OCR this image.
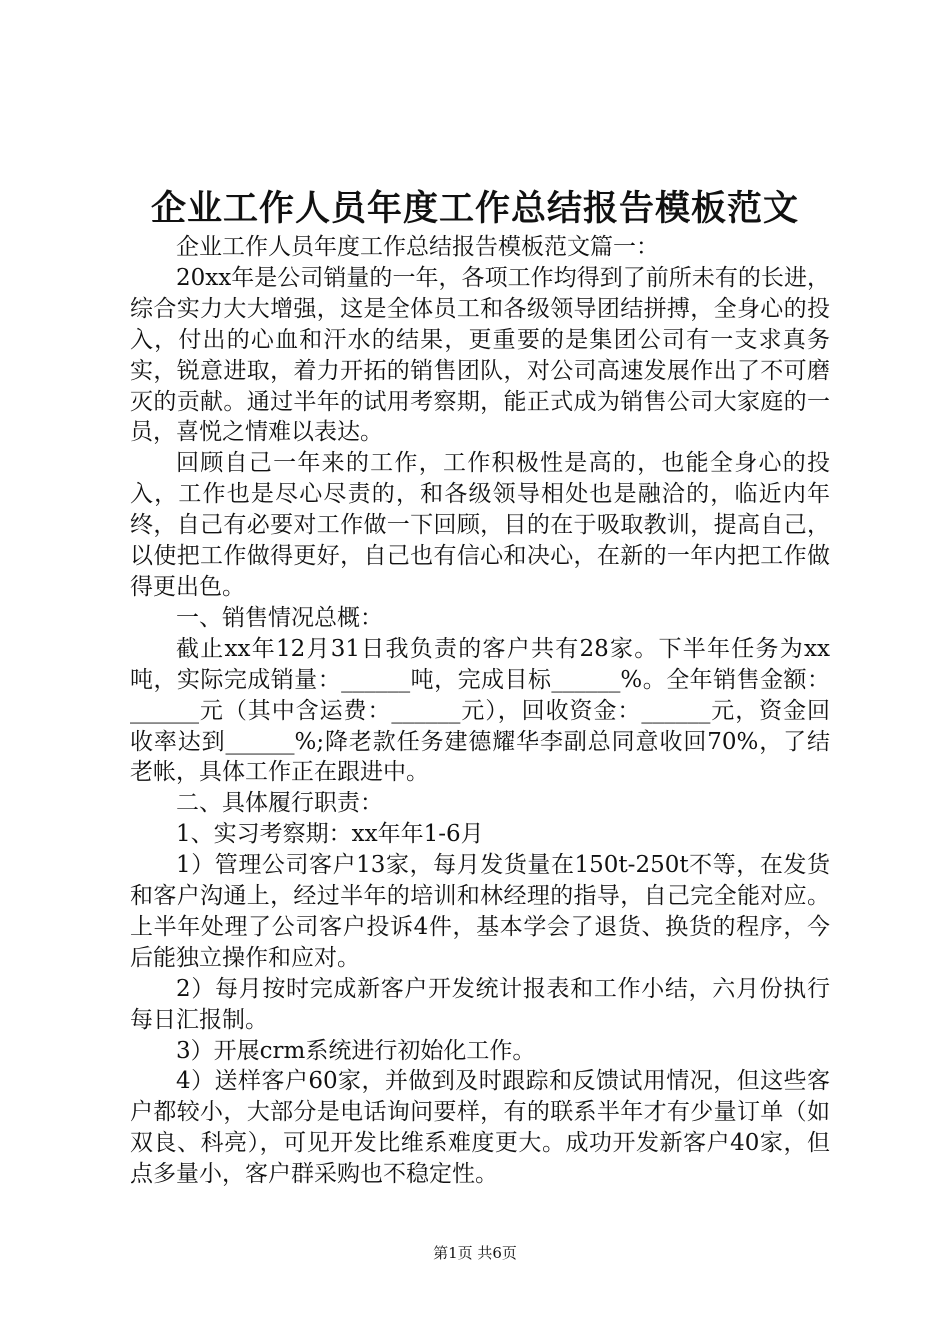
企业工作人员年度工作总结报告模板范文

企业工作人员年度工作总结报告模板范文篇一：

20xx年是公司销量的一年，各项工作均得到了前所未有的长进，综合实力大大增强，这是全体员工和各级领导团结拼搏，全身心的投入，付出的心血和汗水的结果，更重要的是集团公司有一支求真务实，锐意进取，着力开拓的销售团队，对公司高速发展作出了不可磨灭的贡献。通过半年的试用考察期，能正式成为销售公司大家庭的一员，喜悦之情难以表达。

回顾自己一年来的工作，工作积极性是高的，也能全身心的投入，工作也是尽心尽责的，和各级领导相处也是融洽的，临近内年终，自己有必要对工作做一下回顾，目的在于吸取教训，提高自己，以使把工作做得更好，自己也有信心和决心，在新的一年内把工作做得更出色。

一、销售情况总概：

截止xx年12月31日我负责的客户共有28家。下半年任务为xx吨，实际完成销量：______吨，完成目标______%。全年销售金额：______元（其中含运费：______元），回收资金：______元，资金回收率达到______%;降老款任务建德耀华李副总同意收回70%，了结老帐，具体工作正在跟进中。

二、具体履行职责：

1、实习考察期：xx年年1-6月

1）管理公司客户13家，每月发货量在150t-250t不等，在发货和客户沟通上，经过半年的培训和林经理的指导，自己完全能对应。上半年处理了公司客户投诉4件，基本学会了退货、换货的程序，今后能独立操作和应对。

2）每月按时完成新客户开发统计报表和工作小结，六月份执行每日汇报制。

3）开展crm系统进行初始化工作。

4）送样客户60家，并做到及时跟踪和反馈试用情况，但这些客户都较小，大部分是电话询问要样，有的联系半年才有少量订单（如双良、科亮），可见开发比维系难度更大。成功开发新客户40家，但点多量小，客户群采购也不稳定性。

第1页 共6页
